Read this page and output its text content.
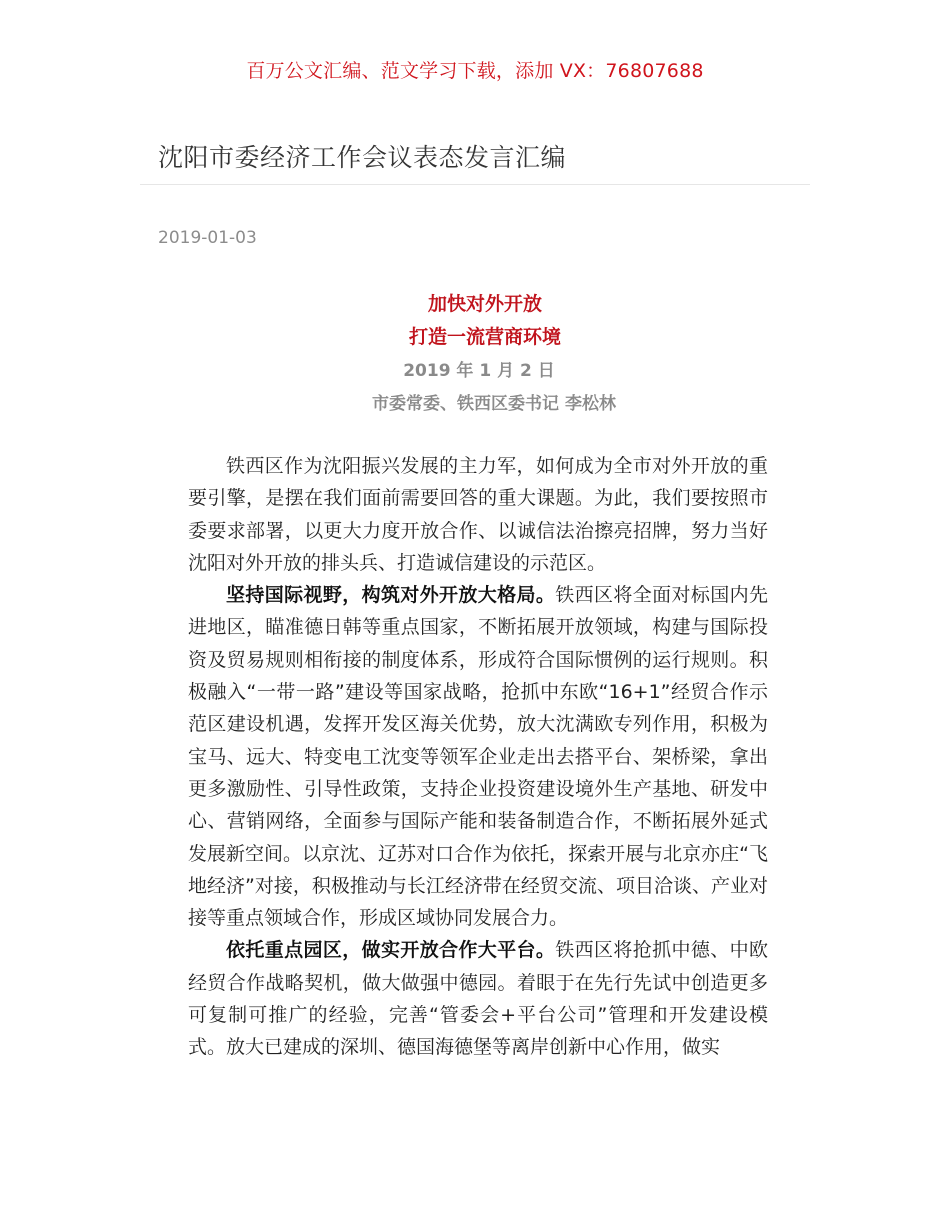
百万公文汇编、范文学习下载，添加 VX：76807688
沈阳市委经济工作会议表态发言汇编
2019-01-03

加快对外开放

打造一流营商环境

2019 年 1 月 2 日

市委常委、铁西区委书记 李松林

铁西区作为沈阳振兴发展的主力军，如何成为全市对外开放的重要引擎，是摆在我们面前需要回答的重大课题。为此，我们要按照市委要求部署，以更大力度开放合作、以诚信法治擦亮招牌，努力当好沈阳对外开放的排头兵、打造诚信建设的示范区。

坚持国际视野，构筑对外开放大格局。铁西区将全面对标国内先进地区，瞄准德日韩等重点国家，不断拓展开放领域，构建与国际投资及贸易规则相衔接的制度体系，形成符合国际惯例的运行规则。积极融入“一带一路”建设等国家战略，抢抓中东欧“16+1”经贸合作示范区建设机遇，发挥开发区海关优势，放大沈满欧专列作用，积极为宝马、远大、特变电工沈变等领军企业走出去搭平台、架桥梁，拿出更多激励性、引导性政策，支持企业投资建设境外生产基地、研发中心、营销网络，全面参与国际产能和装备制造合作，不断拓展外延式发展新空间。以京沈、辽苏对口合作为依托，探索开展与北京亦庄“飞地经济”对接，积极推动与长江经济带在经贸交流、项目洽谈、产业对接等重点领域合作，形成区域协同发展合力。

依托重点园区，做实开放合作大平台。铁西区将抢抓中德、中欧经贸合作战略契机，做大做强中德园。着眼于在先行先试中创造更多可复制可推广的经验，完善“管委会+平台公司”管理和开发建设模式。放大已建成的深圳、德国海德堡等离岸创新中心作用，做实
